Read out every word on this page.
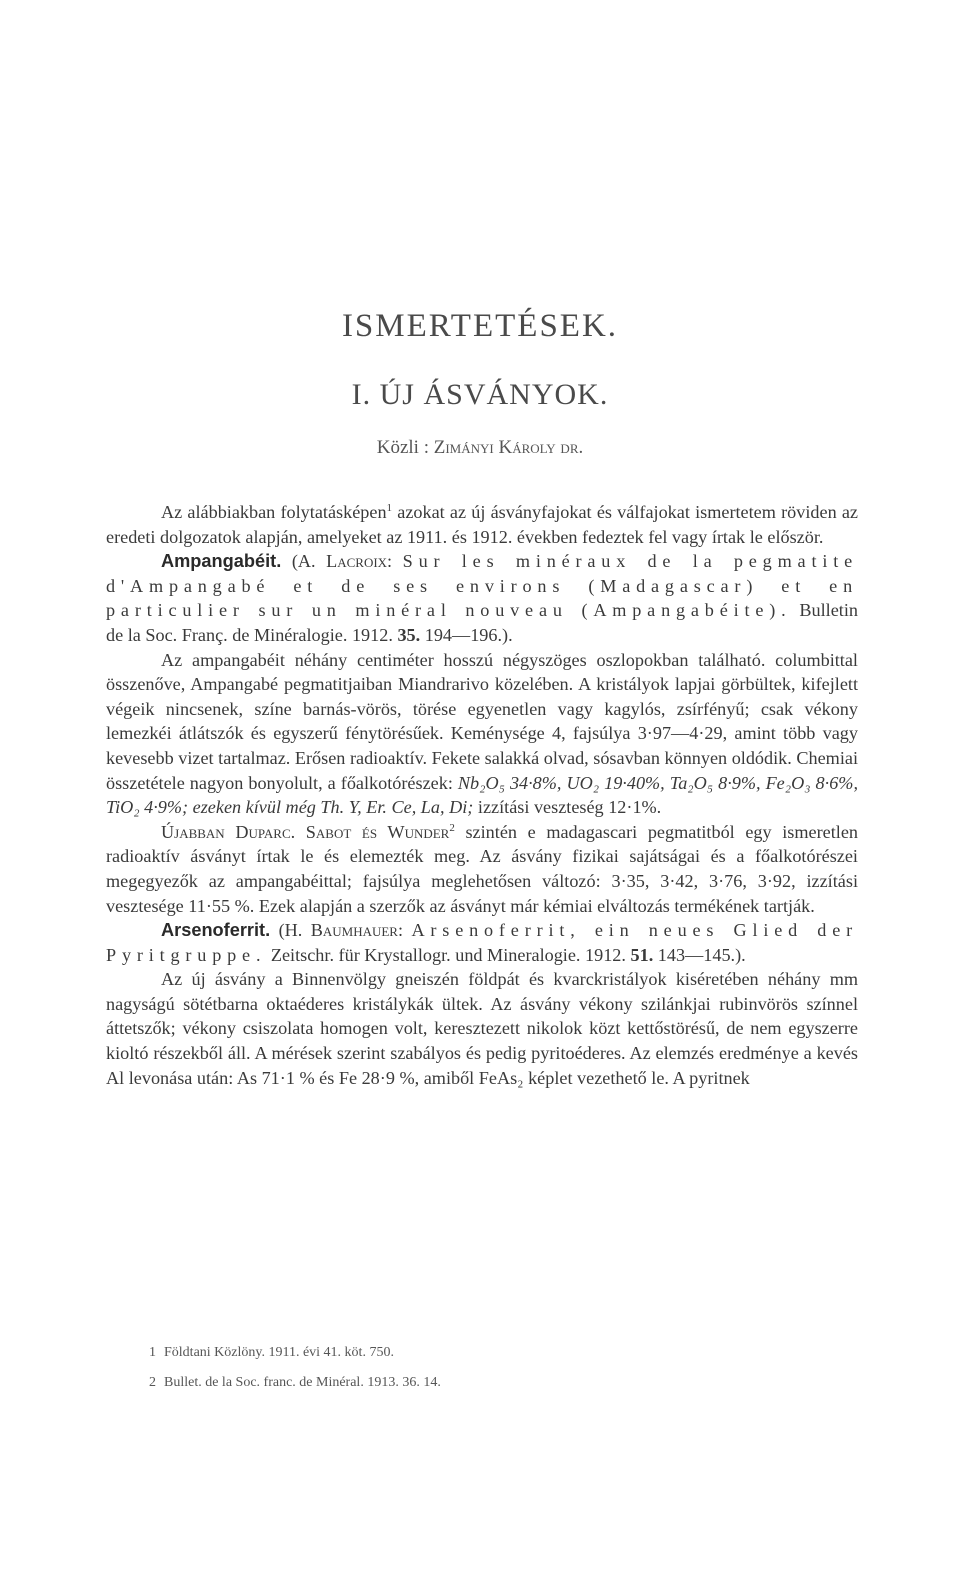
ISMERTETÉSEK.
I. ÚJ ÁSVÁNYOK.
Közli : Zimányi Károly dr.

Az alábbiakban folytatásképen$^1$ azokat az új ásványfajokat és válfajokat ismertetem röviden az eredeti dolgozatok alapján, amelyeket az 1911. és 1912. években fedeztek fel vagy írtak le először.

Ampangabéit. (A. Lacroix: Sur les minéraux de la pegmatite d'Ampangabé et de ses environs (Madagascar) et en particulier sur un minéral nouveau (Ampangabéite). Bulletin de la Soc. Franç. de Minéralogie. 1912. 35. 194—196.).

Az ampangabéit néhány centiméter hosszú négyszöges oszlopokban található. columbittal összenőve, Ampangabé pegmatitjaiban Miandrarivo közelében. A kristályok lapjai görbültek, kifejlett végeik nincsenek, színe barnás-vörös, törése egyenetlen vagy kagylós, zsírfényű; csak vékony lemezkéi átlátszók és egyszerű fénytörésűek. Keménysége 4, fajsúlya 3·97—4·29, amint több vagy kevesebb vizet tartalmaz. Erősen radioaktív. Fekete salakká olvad, sósavban könnyen oldódik. Chemiai összetétele nagyon bonyolult, a főalkotórészek: Nb₂O₅ 34·8%, UO₂ 19·40%, Ta₂O₅ 8·9%, Fe₂O₃ 8·6%, TiO₂ 4·9%; ezeken kívül még Th. Y, Er. Ce, La, Di; izzítási veszteség 12·1%.

Újabban Duparc. Sabot és Wunder$^2$ szintén e madagascari pegmatitból egy ismeretlen radioaktív ásványt írtak le és elemezték meg. Az ásvány fizikai sajátságai és a főalkotórészei megegyezők az ampangabéittal; fajsúlya meglehetősen változó: 3·35, 3·42, 3·76, 3·92, izzítási vesztesége 11·55 %. Ezek alapján a szerzők az ásványt már kémiai elváltozás termékének tartják.

Arsenoferrit. (H. Baumhauer: Arsenoferrit, ein neues Glied der Pyritgruppe. Zeitschr. für Krystallogr. und Mineralogie. 1912. 51. 143—145.).

Az új ásvány a Binnenvölgy gneiszén földpát és kvarckristályok kiséretében néhány mm nagyságú sötétbarna oktaéderes kristálykák ültek. Az ásvány vékony szilánkjai rubinvörös színnel áttetszők; vékony csiszolata homogen volt, keresztezett nikolok közt kettőstörésű, de nem egyszerre kioltó részekből áll. A mérések szerint szabályos és pedig pyritoéderes. Az elemzés eredménye a kevés Al levonása után: As 71·1 % és Fe 28·9 %, amiből FeAs₂ képlet vezethető le. A pyritnek

1 Földtani Közlöny. 1911. évi 41. köt. 750.

2 Bullet. de la Soc. franc. de Minéral. 1913. 36. 14.
